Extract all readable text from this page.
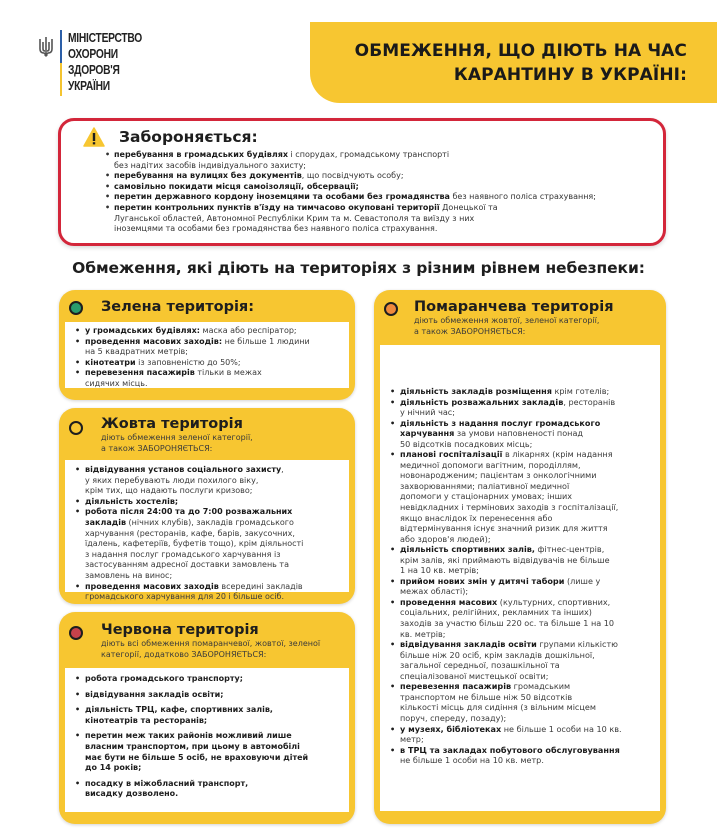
МІНІСТЕРСТВО
ОХОРОНИ
ЗДОРОВ'Я
УКРАЇНИ
ОБМЕЖЕННЯ, ЩО ДІЮТЬ НА ЧАС
КАРАНТИНУ В УКРАЇНІ:
Забороняється:
• перебування в громадських будівлях і спорудах, громадському транспорті
без надітих засобів індивідуального захисту;
• перебування на вулицях без документів, що посвідчують особу;
• самовільно покидати місця самоізоляції, обсервації;
• перетин державного кордону іноземцями та особами без громадянства без наявного поліса страхування;
• перетин контрольних пунктів в'їзду на тимчасово окуповані території Донецької та
Луганської областей, Автономної Республіки Крим та м. Севастополя та виїзду з них
іноземцями та особами без громадянства без наявного поліса страхування.
Обмеження, які діють на територіях з різним рівнем небезпеки:
Зелена територія:
• у громадських будівлях: маска або респіратор;
• проведення масових заходів: не більше 1 людини
на 5 квадратних метрів;
• кінотеатри із заповненістю до 50%;
• перевезення пасажирів тільки в межах
сидячих місць.
Жовта територія
діють обмеження зеленої категорії,
а також ЗАБОРОНЯЄТЬСЯ:
• відвідування установ соціального захисту,
у яких перебувають люди похилого віку,
крім тих, що надають послуги кризово;
• діяльність хостелів;
• робота після 24:00 та до 7:00 розважальних
закладів (нічних клубів), закладів громадського
харчування (ресторанів, кафе, барів, закусочних,
їдалень, кафетеріїв, буфетів тощо), крім діяльності
з надання послуг громадського харчування із
застосуванням адресної доставки замовлень та
замовлень на винос;
• проведення масових заходів всередині закладів
громадського харчування для 20 і більше осіб.
Червона територія
діють всі обмеження помаранчевої, жовтої, зеленої
категорії, додатково ЗАБОРОНЯЄТЬСЯ:
• робота громадського транспорту;
• відвідування закладів освіти;
• діяльність ТРЦ, кафе, спортивних залів,
кінотеатрів та ресторанів;
• перетин меж таких районів можливий лише
власним транспортом, при цьому в автомобілі
має бути не більше 5 осіб, не враховуючи дітей
до 14 років;
• посадку в міжобласний транспорт,
висадку дозволено.
Помаранчева територія
діють обмеження жовтої, зеленої категорії,
а також ЗАБОРОНЯЄТЬСЯ:
• діяльність закладів розміщення крім готелів;
• діяльність розважальних закладів, ресторанів
у нічний час;
• діяльність з надання послуг громадського
харчування за умови наповненості понад
50 відсотків посадкових місць;
• планові госпіталізації в лікарнях (крім надання
медичної допомоги вагітним, породіллям,
новонародженим; пацієнтам з онкологічними
захворюваннями; паліативної медичної
допомоги у стаціонарних умовах; інших
невідкладних і термінових заходів з госпіталізації,
якщо внаслідок їх перенесення або
відтермінування існує значний ризик для життя
або здоров'я людей);
• діяльність спортивних залів, фітнес-центрів,
крім залів, які приймають відвідувачів не більше
1 на 10 кв. метрів;
• прийом нових змін у дитячі табори (лише у
межах області);
• проведення масових (культурних, спортивних,
соціальних, релігійних, рекламних та інших)
заходів за участю більш 220 ос. та більше 1 на 10
кв. метрів;
• відвідування закладів освіти групами кількістю
більше ніж 20 осіб, крім закладів дошкільної,
загальної середньої, позашкільної та
спеціалізованої мистецької освіти;
• перевезення пасажирів громадським
транспортом не більше ніж 50 відсотків
кількості місць для сидіння (з вільним місцем
поруч, спереду, позаду);
• у музеях, бібліотеках не більше 1 особи на 10 кв.
метр;
• в ТРЦ та закладах побутового обслуговування
не більше 1 особи на 10 кв. метр.
